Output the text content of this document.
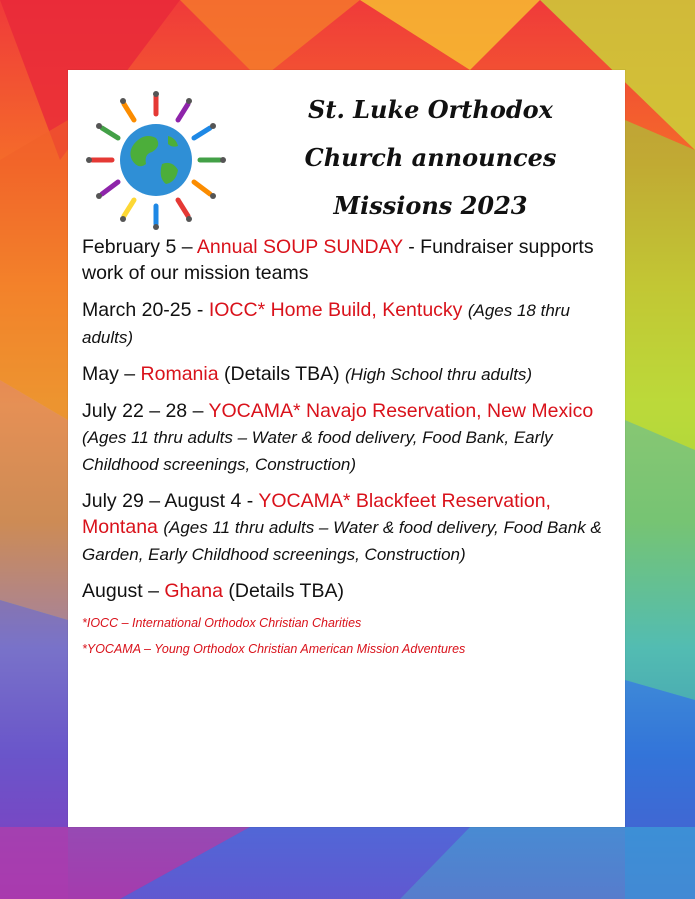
St. Luke Orthodox
Church announces
Missions 2023
February 5 – Annual SOUP SUNDAY - Fundraiser supports work of our mission teams
March 20-25 - IOCC* Home Build, Kentucky (Ages 18 thru adults)
May – Romania (Details TBA) (High School thru adults)
July 22 – 28 – YOCAMA* Navajo Reservation, New Mexico (Ages 11 thru adults – Water & food delivery, Food Bank, Early Childhood screenings, Construction)
July 29 – August 4 - YOCAMA* Blackfeet Reservation, Montana (Ages 11 thru adults – Water & food delivery, Food Bank & Garden, Early Childhood screenings, Construction)
August – Ghana (Details TBA)
*IOCC – International Orthodox Christian Charities
*YOCAMA – Young Orthodox Christian American Mission Adventures
